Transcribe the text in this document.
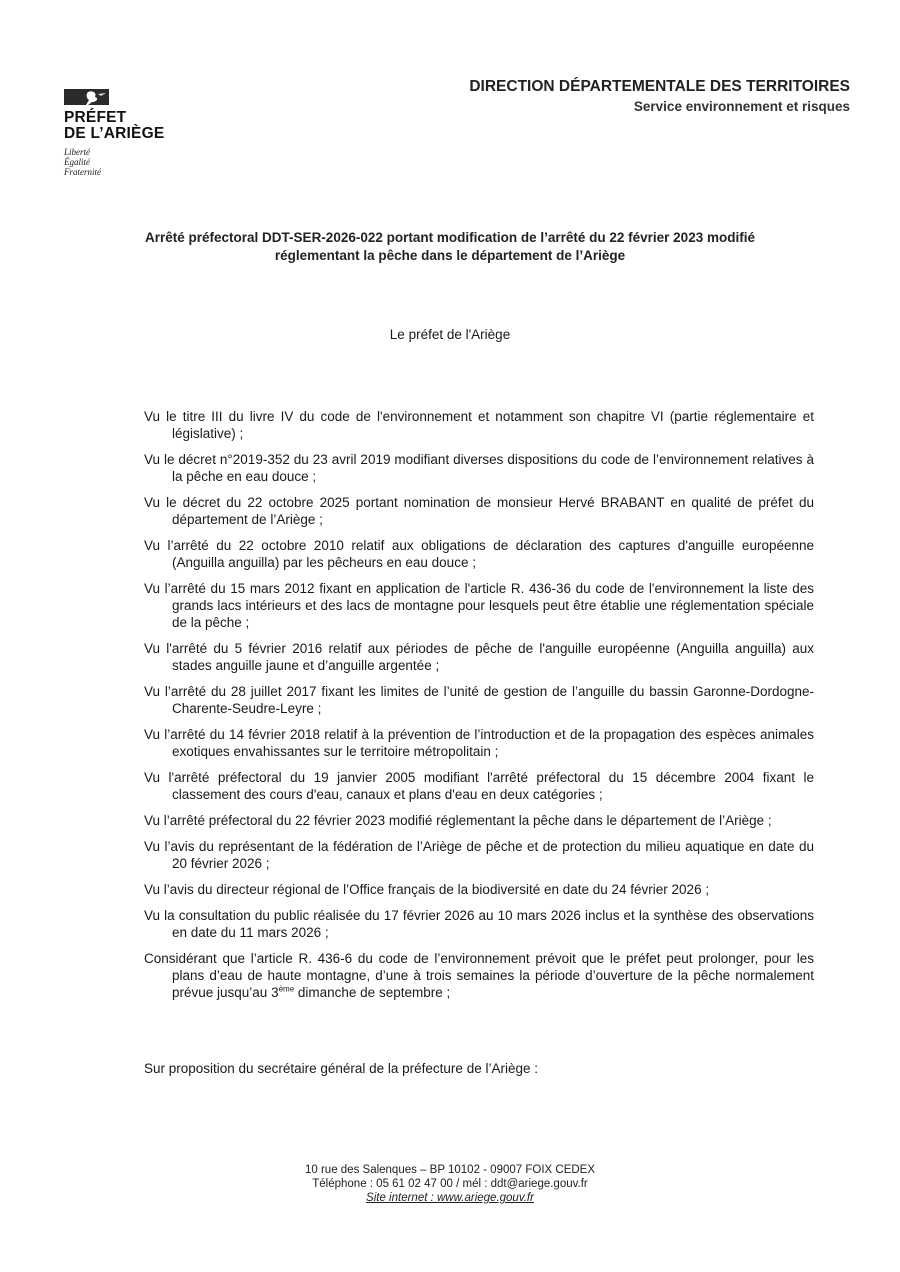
PRÉFET
DE L’ARIÈGE
Liberté
Égalité
Fraternité
DIRECTION DÉPARTEMENTALE DES TERRITOIRES
Service environnement et risques
Arrêté préfectoral DDT-SER-2026-022 portant modification de l’arrêté du 22 février 2023 modifié
réglementant la pêche dans le département de l’Ariège
Le préfet de l'Ariège

Vu le titre III du livre IV du code de l'environnement et notamment son chapitre VI (partie réglementaire et législative) ;

Vu le décret n°2019-352 du 23 avril 2019 modifiant diverses dispositions du code de l’environnement relatives à la pêche en eau douce ;

Vu le décret du 22 octobre 2025 portant nomination de monsieur Hervé BRABANT en qualité de préfet du département de l’Ariège ;

Vu l’arrêté du 22 octobre 2010 relatif aux obligations de déclaration des captures d'anguille européenne (Anguilla anguilla) par les pêcheurs en eau douce ;

Vu l’arrêté du 15 mars 2012 fixant en application de l'article R. 436-36 du code de l'environnement la liste des grands lacs intérieurs et des lacs de montagne pour lesquels peut être établie une réglementation spéciale de la pêche ;

Vu l'arrêté du 5 février 2016 relatif aux périodes de pêche de l'anguille européenne (Anguilla anguilla) aux stades anguille jaune et d’anguille argentée ;

Vu l’arrêté du 28 juillet 2017 fixant les limites de l’unité de gestion de l’anguille du bassin Garonne-Dordogne-Charente-Seudre-Leyre ;

Vu l’arrêté du 14 février 2018 relatif à la prévention de l’introduction et de la propagation des espèces animales exotiques envahissantes sur le territoire métropolitain ;

Vu l'arrêté préfectoral du 19 janvier 2005 modifiant l'arrêté préfectoral du 15 décembre 2004 fixant le classement des cours d'eau, canaux et plans d'eau en deux catégories ;

Vu l’arrêté préfectoral du 22 février 2023 modifié réglementant la pêche dans le département de l’Ariège ;

Vu l’avis du représentant de la fédération de l’Ariège de pêche et de protection du milieu aquatique en date du 20 février 2026 ;

Vu l’avis du directeur régional de l’Office français de la biodiversité en date du 24 février 2026 ;

Vu la consultation du public réalisée du 17 février 2026 au 10 mars 2026 inclus et la synthèse des observations en date du 11 mars 2026 ;

Considérant que l’article R. 436-6 du code de l’environnement prévoit que le préfet peut prolonger, pour les plans d’eau de haute montagne, d’une à trois semaines la période d’ouverture de la pêche normalement prévue jusqu’au 3ème dimanche de septembre ;

Sur proposition du secrétaire général de la préfecture de l’Ariège :
10 rue des Salenques – BP 10102 - 09007 FOIX CEDEX
Téléphone : 05 61 02 47 00 / mél : ddt@ariege.gouv.fr
Site internet : www.ariege.gouv.fr
